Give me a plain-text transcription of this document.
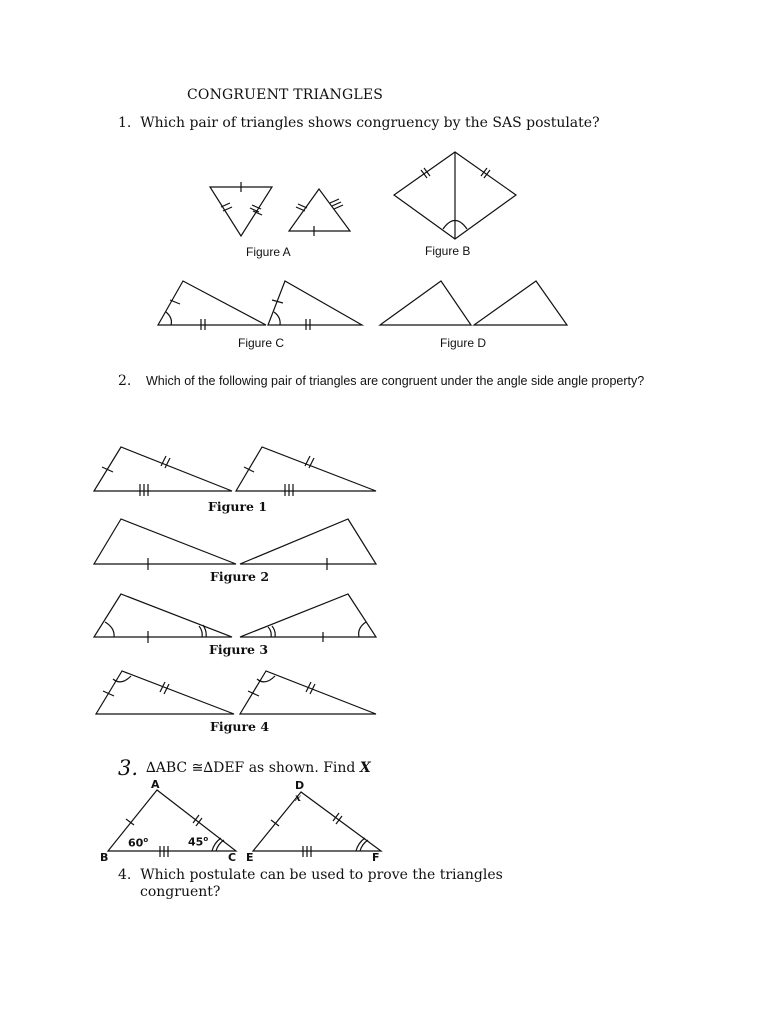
CONGRUENT TRIANGLES
1. Which pair of triangles shows congruency by the SAS postulate?
2. Which of the following pair of triangles are congruent under the angle side angle property?
3. ∆ABC ≅∆DEF as shown. Find X
4. Which postulate can be used to prove the triangles
congruent?
Figure A	Figure B
Figure C	Figure D
Figure 1
Figure 2
Figure 3
Figure 4
A
B	C
D
E	F
60$^o$	45$^o$
x
